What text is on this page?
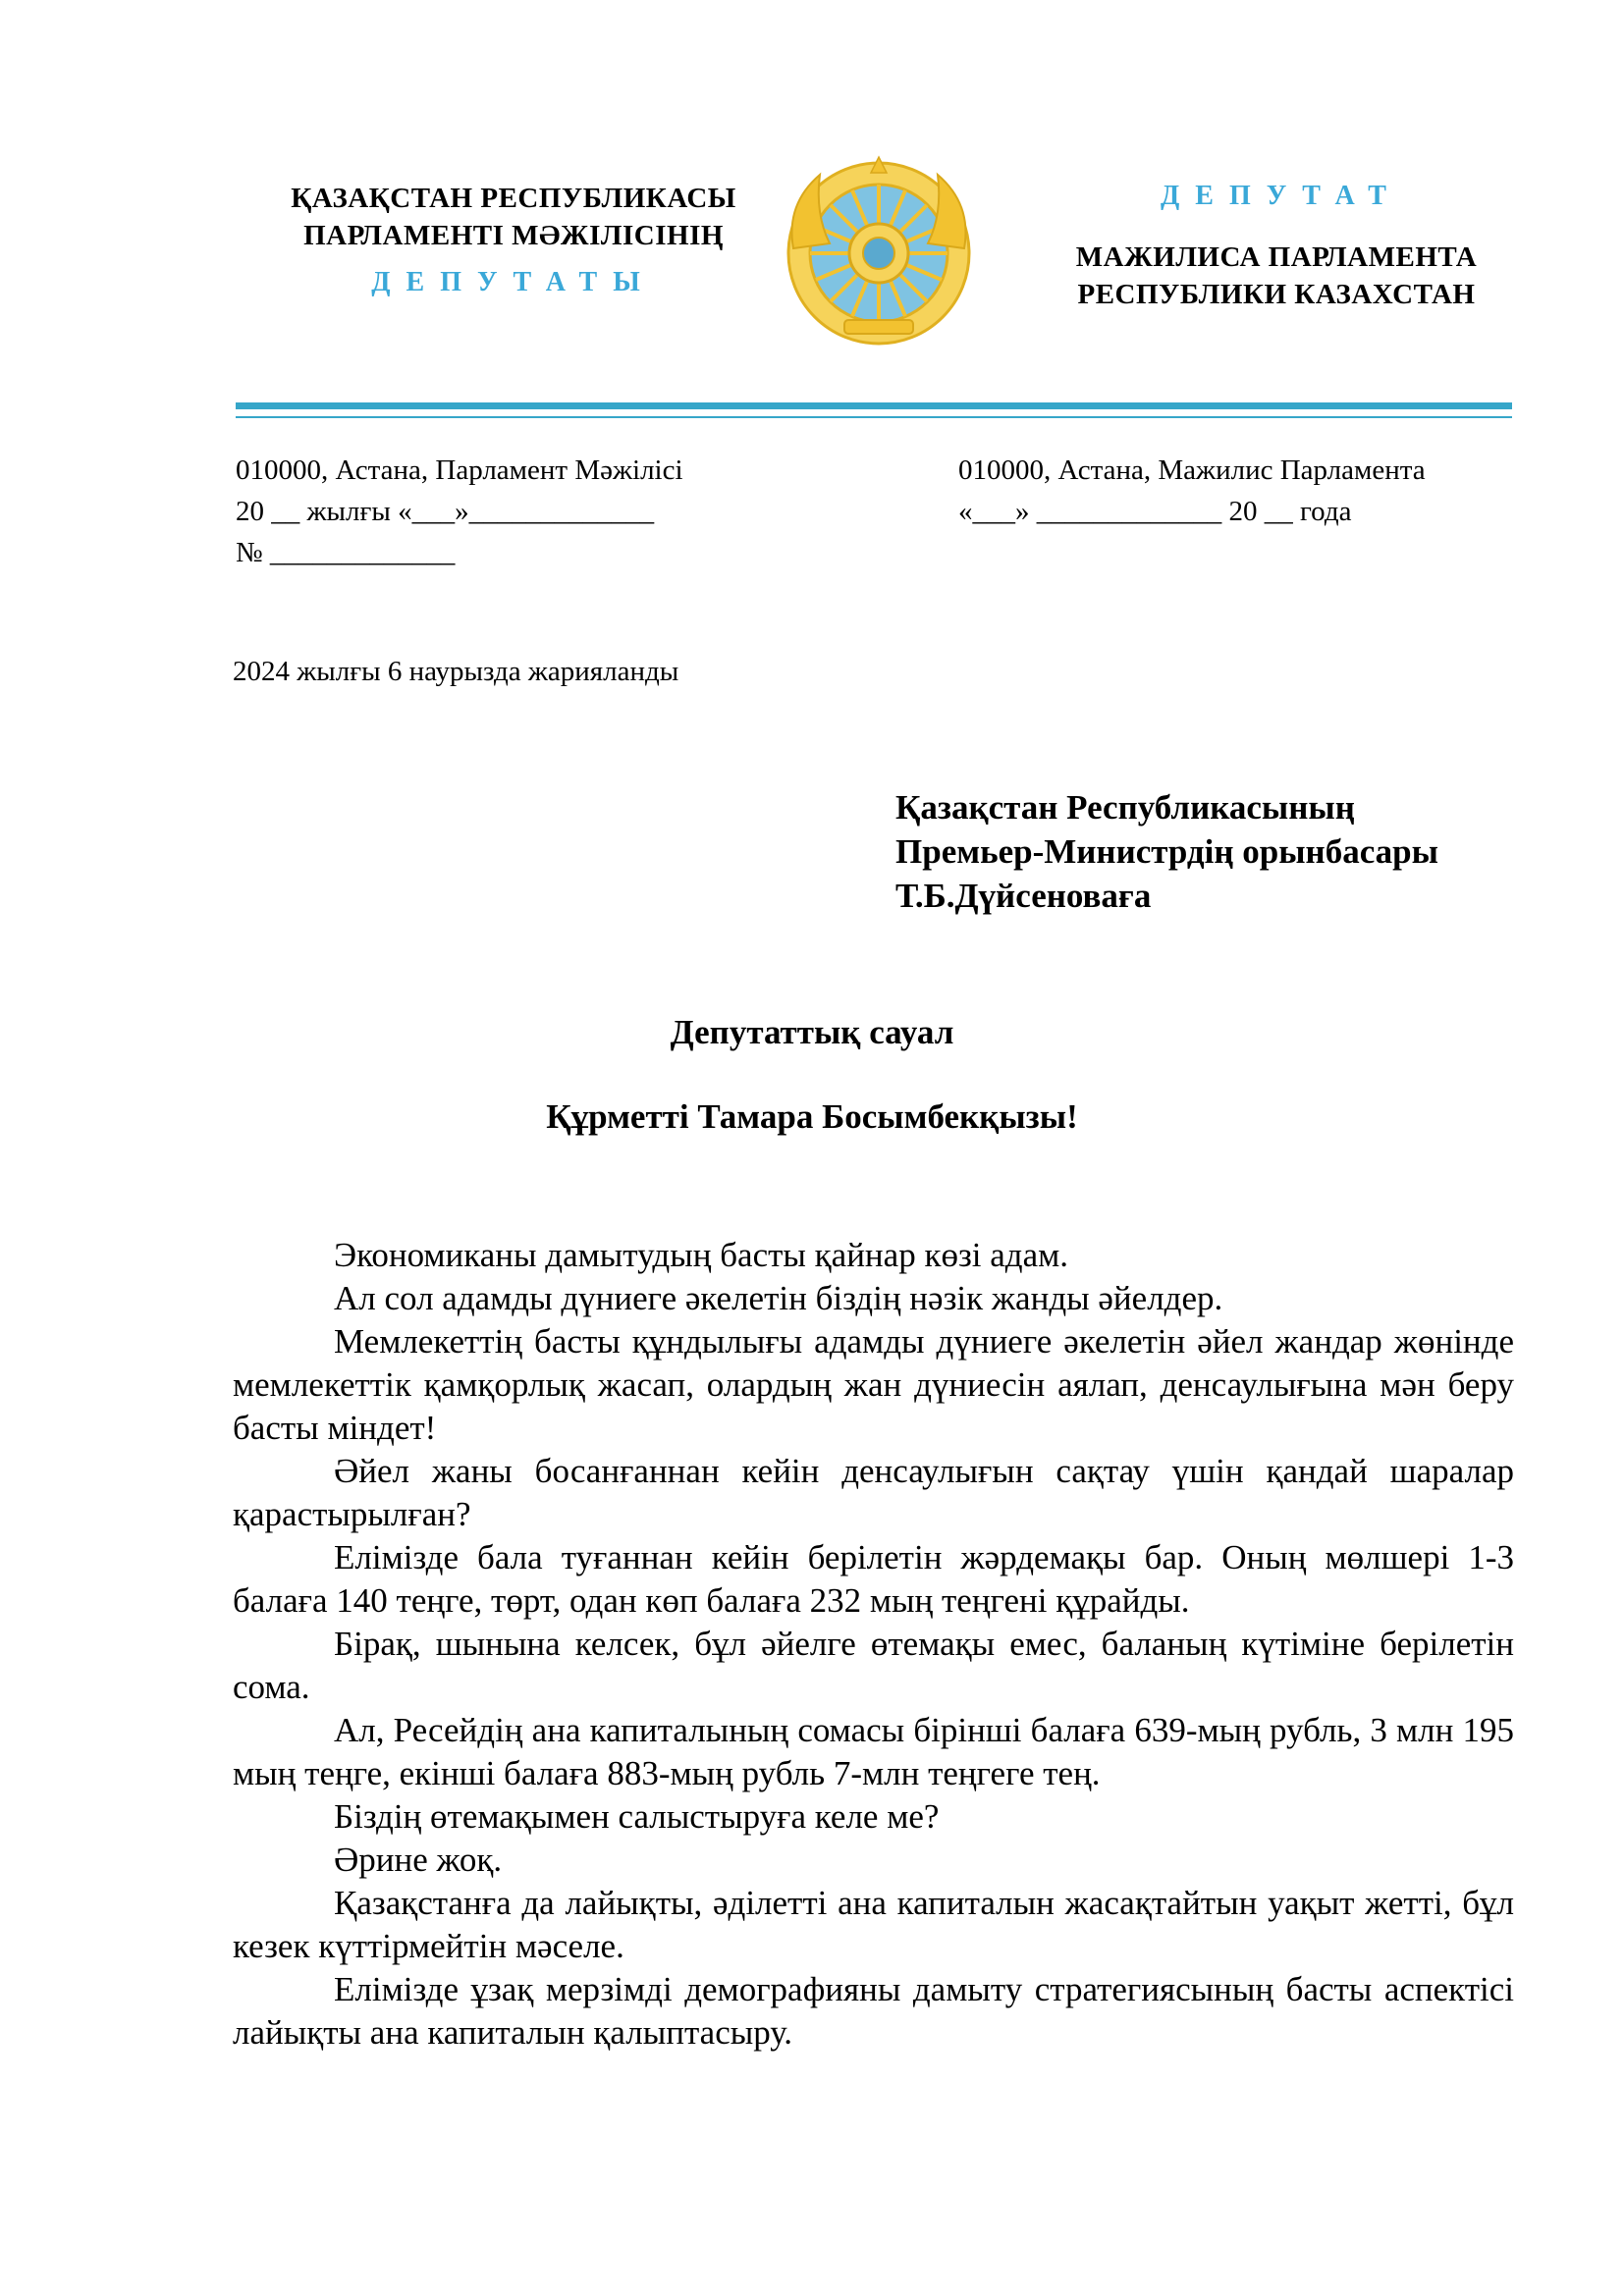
ҚАЗАҚСТАН РЕСПУБЛИКАСЫ
ПАРЛАМЕНТІ МӘЖІЛІСІНІҢ
ДЕПУТАТЫ
ДЕПУТАТ
МАЖИЛИСА ПАРЛАМЕНТА
РЕСПУБЛИКИ КАЗАХСТАН
010000, Астана, Парламент Мәжілісі
20 __ жылғы «___»_____________
№ _____________
010000, Астана, Мажилис Парламента
«___» _____________ 20 __ года
2024 жылғы 6 наурызда жарияланды
Қазақстан Республикасының
Премьер-Министрдің орынбасары
Т.Б.Дүйсеноваға
Депутаттық сауал
Құрметті Тамара Босымбекқызы!

Экономиканы дамытудың басты қайнар көзі адам.

Ал сол адамды дүниеге әкелетін біздің нәзік жанды әйелдер.

Мемлекеттің басты құндылығы адамды дүниеге әкелетін әйел жандар жөнінде мемлекеттік қамқорлық жасап, олардың жан дүниесін аялап, денсаулығына мән беру басты міндет!

Әйел жаны босанғаннан кейін денсаулығын сақтау үшін қандай шаралар қарастырылған?

Елімізде бала туғаннан кейін берілетін жәрдемақы бар. Оның мөлшері 1-3 балаға 140 теңге, төрт, одан көп балаға 232 мың теңгені құрайды.

Бірақ, шынына келсек, бұл әйелге өтемақы емес, баланың күтіміне берілетін сома.

Ал, Ресейдің ана капиталының сомасы бірінші балаға 639-мың рубль, 3 млн 195 мың теңге, екінші балаға 883-мың рубль 7-млн теңгеге тең.

Біздің өтемақымен салыстыруға келе ме?

Әрине жоқ.

Қазақстанға да лайықты, әділетті ана капиталын жасақтайтын уақыт жетті, бұл кезек күттірмейтін мәселе.

Елімізде ұзақ мерзімді демографияны дамыту стратегиясының басты аспектісі лайықты ана капиталын қалыптасыру.
